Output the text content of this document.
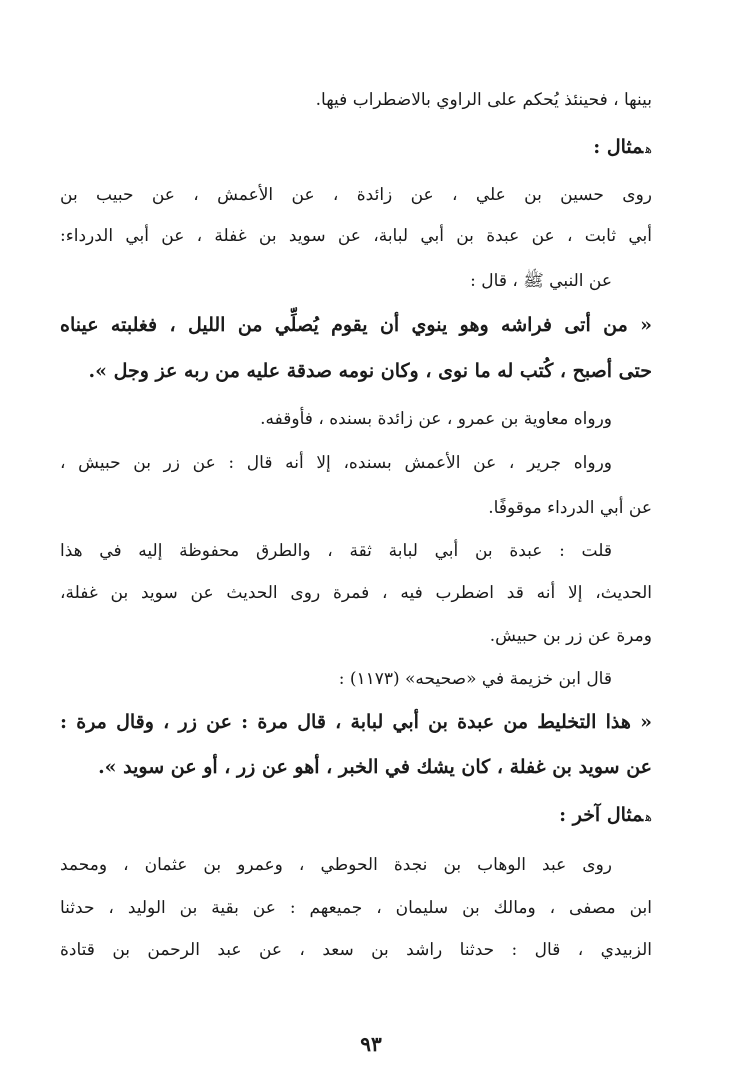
بينها ، فحينئذ يُحكم على الراوي بالاضطراب فيها.
همثال :
روى حسين بن علي ، عن زائدة ، عن الأعمش ، عن حبيب بن
أبي ثابت ، عن عبدة بن أبي لبابة، عن سويد بن غفلة ، عن أبي الدرداء:
عن النبي ﷺ ، قال :
« من أتى فراشه وهو ينوي أن يقوم يُصلِّي من الليل ، فغلبته عيناه
حتى أصبح ، كُتب له ما نوى ، وكان نومه صدقة عليه من ربه عز وجل ».
ورواه معاوية بن عمرو ، عن زائدة بسنده ، فأوقفه.
ورواه جرير ، عن الأعمش بسنده، إلا أنه قال : عن زر بن حبيش ،
عن أبي الدرداء موقوفًا.
قلت : عبدة بن أبي لبابة ثقة ، والطرق محفوظة إليه في هذا
الحديث، إلا أنه قد اضطرب فيه ، فمرة روى الحديث عن سويد بن غفلة،
ومرة عن زر بن حبيش.
قال ابن خزيمة في «صحيحه» (١١٧٣) :
« هذا التخليط من عبدة بن أبي لبابة ، قال مرة : عن زر ، وقال مرة :
عن سويد بن غفلة ، كان يشك في الخبر ، أهو عن زر ، أو عن سويد ».
همثال آخر :
روى عبد الوهاب بن نجدة الحوطي ، وعمرو بن عثمان ، ومحمد
ابن مصفى ، ومالك بن سليمان ، جميعهم : عن بقية بن الوليد ، حدثنا
الزبيدي ، قال : حدثنا راشد بن سعد ، عن عبد الرحمن بن قتادة
٩٣
